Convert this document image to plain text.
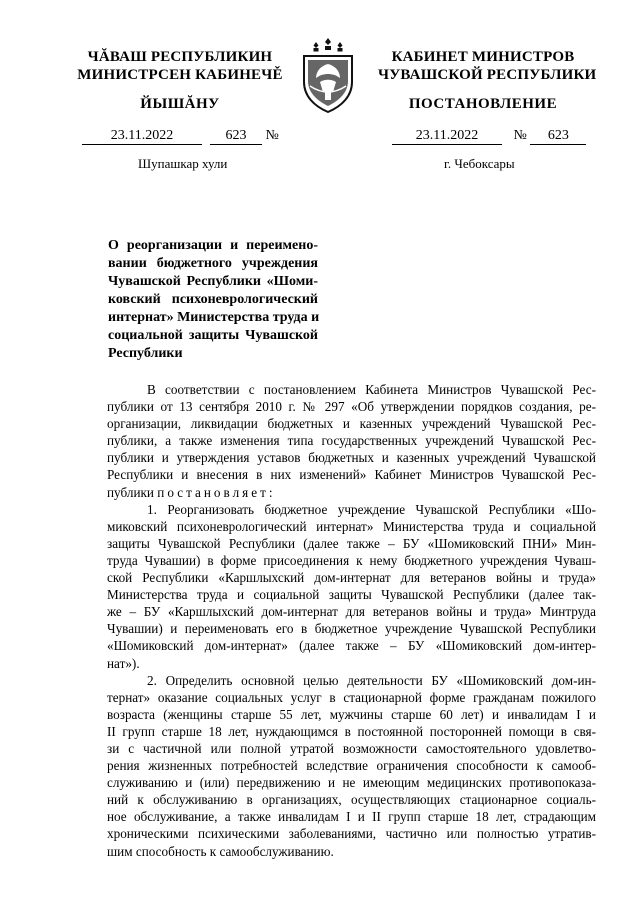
ЧĂВАШ РЕСПУБЛИКИН
МИНИСТРСЕН КАБИНЕЧĚ
КАБИНЕТ МИНИСТРОВ
ЧУВАШСКОЙ РЕСПУБЛИКИ
ЙЫШĂНУ	ПОСТАНОВЛЕНИЕ
23.11.2022	623 №	23.11.2022	№ 623
Шупашкар хули	г. Чебоксары
О реорганизации и переимено-
вании бюджетного учреждения
Чувашской Республики «Шоми-
ковский психоневрологический
интернат» Министерства труда и
социальной защиты Чувашской
Республики
В соответствии с постановлением Кабинета Министров Чувашской Рес-
публики от 13 сентября 2010 г. № 297 «Об утверждении порядков создания, ре-
организации, ликвидации бюджетных и казенных учреждений Чувашской Рес-
публики, а также изменения типа государственных учреждений Чувашской Рес-
публики и утверждения уставов бюджетных и казенных учреждений Чувашской
Республики и внесения в них изменений» Кабинет Министров Чувашской Рес-
публики постановляет:
1. Реорганизовать бюджетное учреждение Чувашской Республики «Шо-
миковский психоневрологический интернат» Министерства труда и социальной
защиты Чувашской Республики (далее также – БУ «Шомиковский ПНИ» Мин-
труда Чувашии) в форме присоединения к нему бюджетного учреждения Чуваш-
ской Республики «Каршлыхский дом-интернат для ветеранов войны и труда»
Министерства труда и социальной защиты Чувашской Республики (далее так-
же – БУ «Каршлыхский дом-интернат для ветеранов войны и труда» Минтруда
Чувашии) и переименовать его в бюджетное учреждение Чувашской Республики
«Шомиковский дом-интернат» (далее также – БУ «Шомиковский дом-интер-
нат»).
2. Определить основной целью деятельности БУ «Шомиковский дом-ин-
тернат» оказание социальных услуг в стационарной форме гражданам пожилого
возраста (женщины старше 55 лет, мужчины старше 60 лет) и инвалидам I и
II групп старше 18 лет, нуждающимся в постоянной посторонней помощи в свя-
зи с частичной или полной утратой возможности самостоятельного удовлетво-
рения жизненных потребностей вследствие ограничения способности к самооб-
служиванию и (или) передвижению и не имеющим медицинских противопоказа-
ний к обслуживанию в организациях, осуществляющих стационарное социаль-
ное обслуживание, а также инвалидам I и II групп старше 18 лет, страдающим
хроническими психическими заболеваниями, частично или полностью утратив-
шим способность к самообслуживанию.
